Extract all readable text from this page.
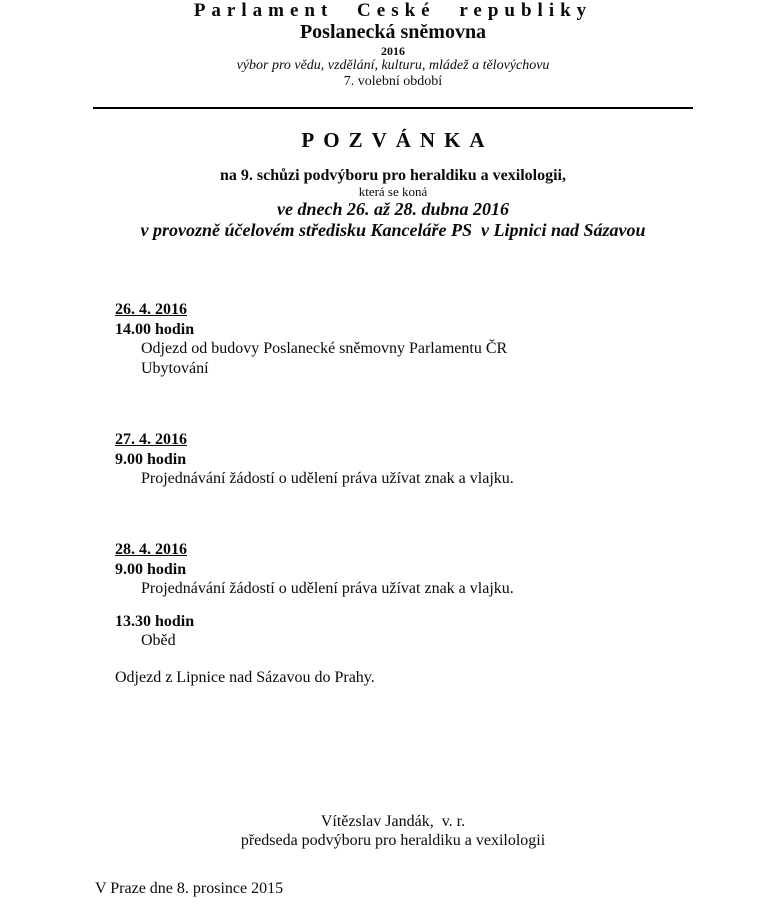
Parlament Ceské republiky
Poslanecká sněmovna
2016
výbor pro vědu, vzdělání, kulturu, mládež a tělovýchovu
7. volební období
POZVÁNKA
na 9. schůzi podvýboru pro heraldiku a vexilologii,
která se koná
ve dnech 26. až 28. dubna 2016
v provozně účelovém středisku Kanceláře PS  v Lipnici nad Sázavou
26. 4. 2016
14.00 hodin
Odjezd od budovy Poslanecké sněmovny Parlamentu ČR
Ubytování
27. 4. 2016
9.00 hodin
Projednávání žádostí o udělení práva užívat znak a vlajku.
28. 4. 2016
9.00 hodin
Projednávání žádostí o udělení práva užívat znak a vlajku.
13.30 hodin
Oběd
Odjezd z Lipnice nad Sázavou do Prahy.
Vítězslav Jandák,  v. r.
předseda podvýboru pro heraldiku a vexilologii
V Praze dne 8. prosince 2015
